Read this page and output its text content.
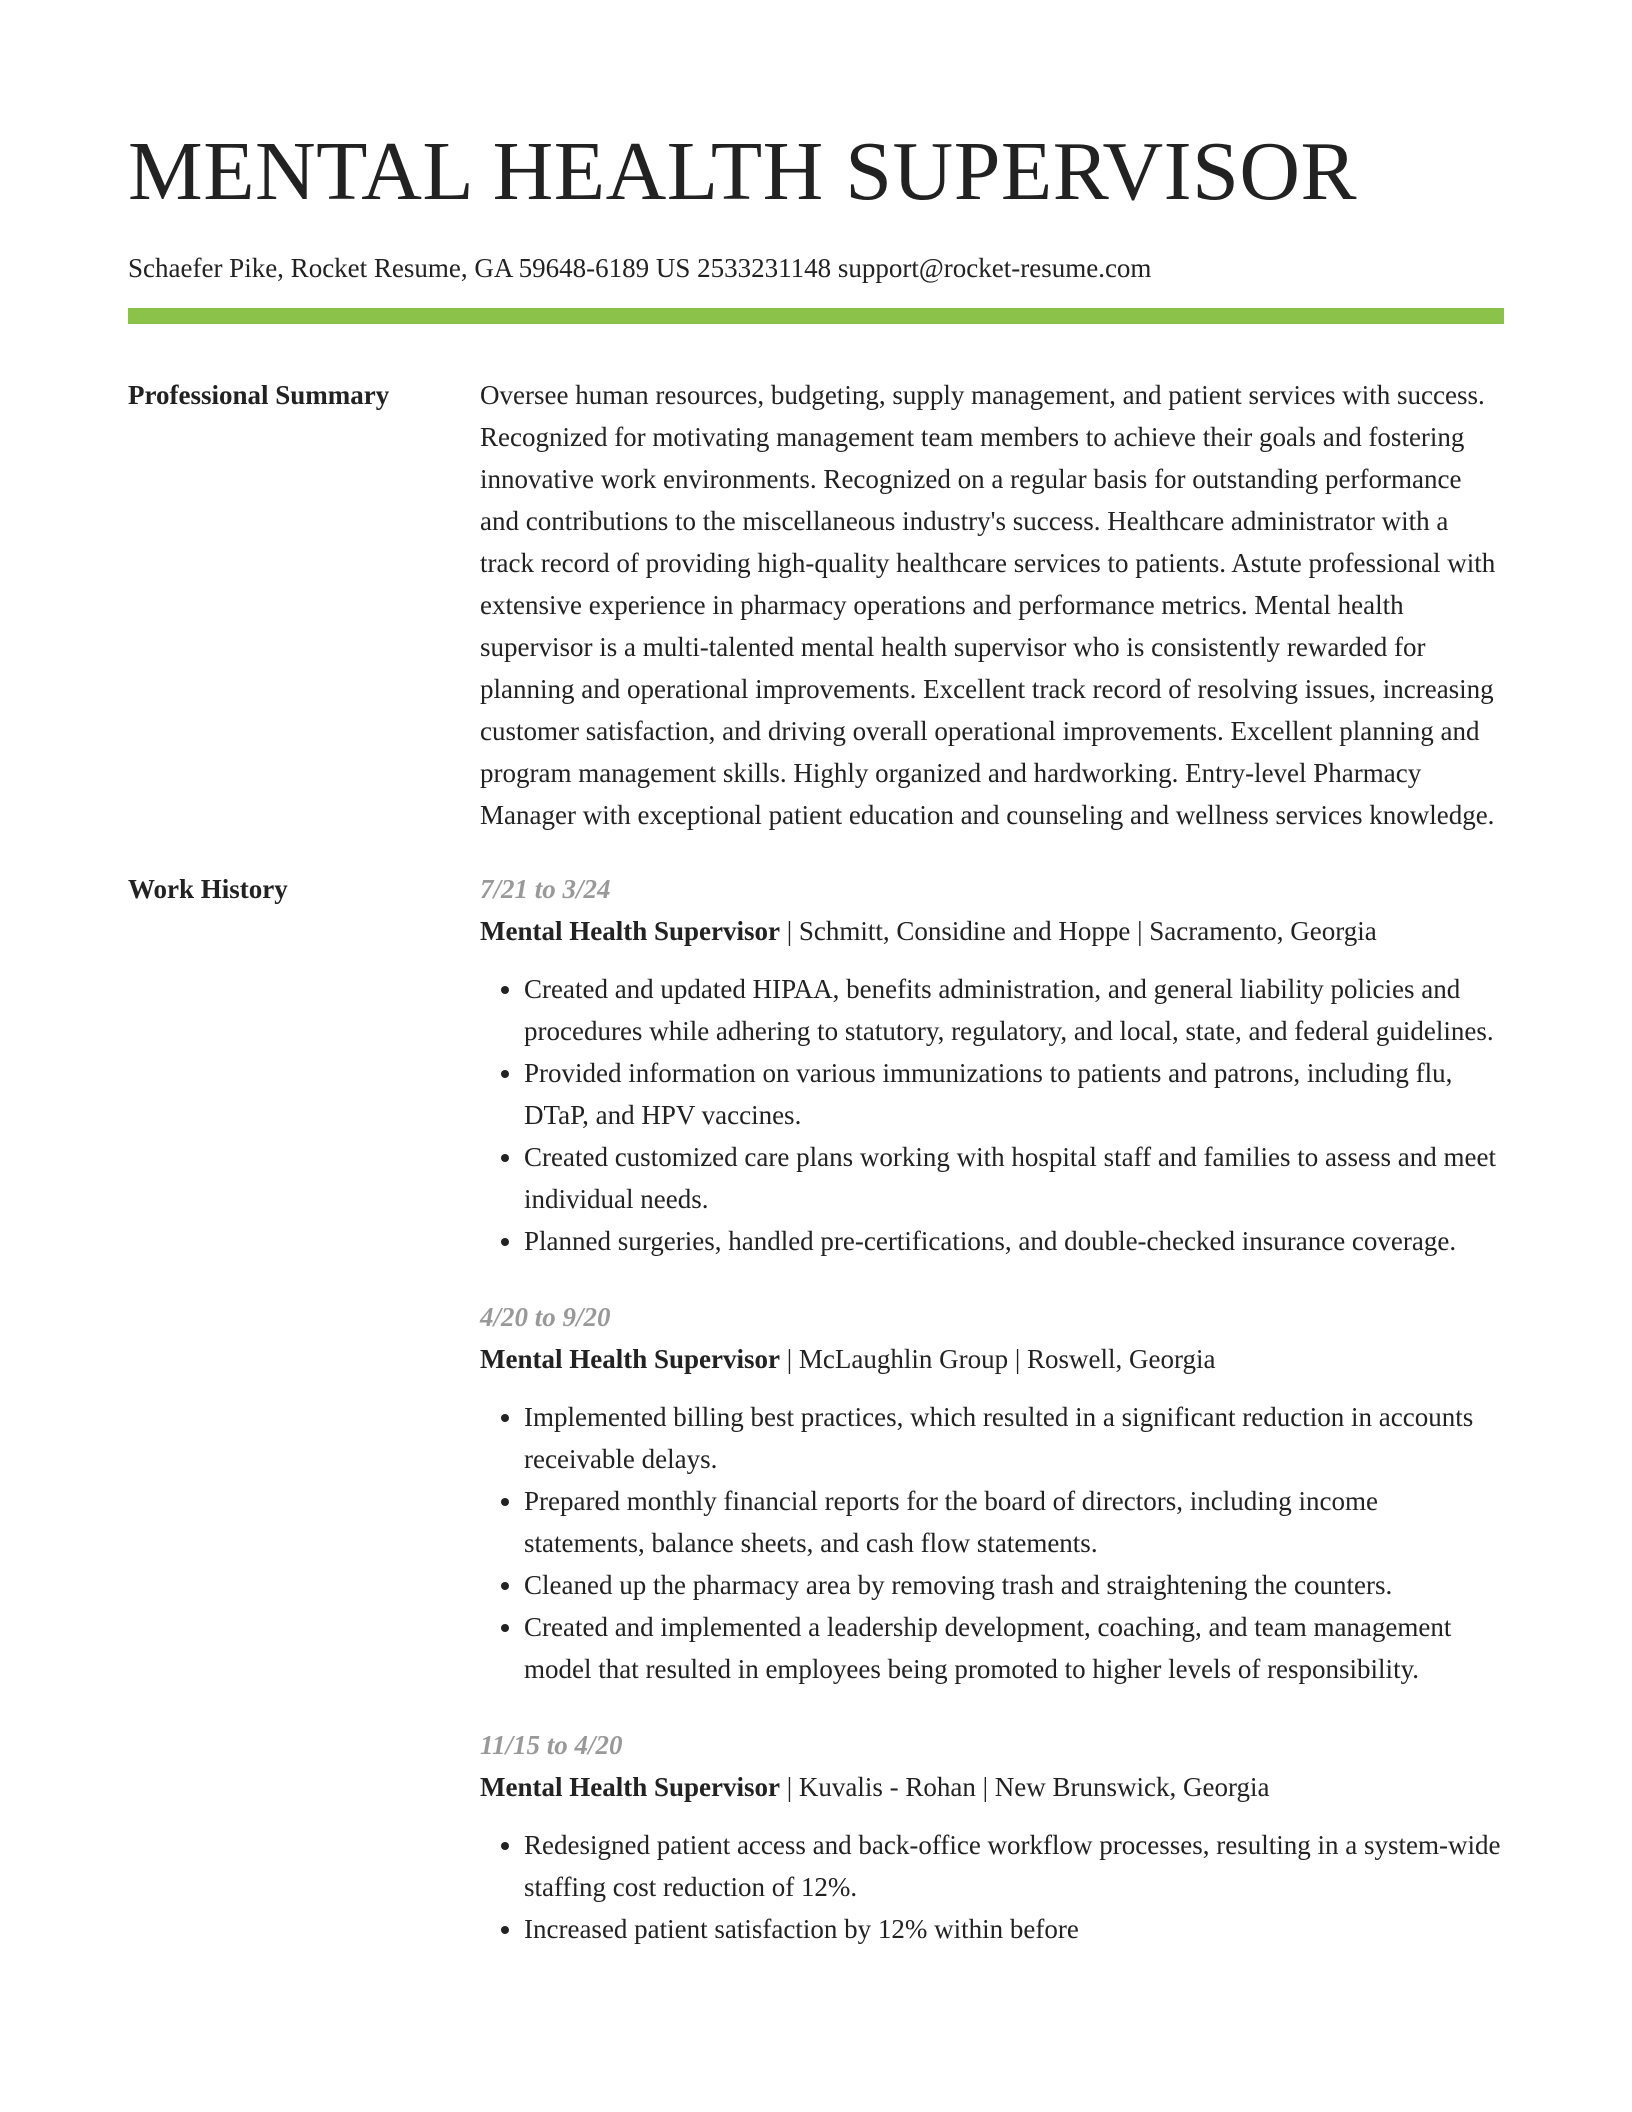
MENTAL HEALTH SUPERVISOR
Schaefer Pike, Rocket Resume, GA 59648-6189 US 2533231148 support@rocket-resume.com
Professional Summary	Oversee human resources, budgeting, supply management, and patient services with success. Recognized for motivating management team members to achieve their goals and fostering innovative work environments. Recognized on a regular basis for outstanding performance and contributions to the miscellaneous industry's success. Healthcare administrator with a track record of providing high-quality healthcare services to patients. Astute professional with extensive experience in pharmacy operations and performance metrics. Mental health supervisor is a multi-talented mental health supervisor who is consistently rewarded for planning and operational improvements. Excellent track record of resolving issues, increasing customer satisfaction, and driving overall operational improvements. Excellent planning and program management skills. Highly organized and hardworking. Entry-level Pharmacy Manager with exceptional patient education and counseling and wellness services knowledge.
Work History	7/21 to 3/24
Mental Health Supervisor | Schmitt, Considine and Hoppe | Sacramento, Georgia
• Created and updated HIPAA, benefits administration, and general liability policies and procedures while adhering to statutory, regulatory, and local, state, and federal guidelines.
• Provided information on various immunizations to patients and patrons, including flu, DTaP, and HPV vaccines.
• Created customized care plans working with hospital staff and families to assess and meet individual needs.
• Planned surgeries, handled pre-certifications, and double-checked insurance coverage.
4/20 to 9/20
Mental Health Supervisor | McLaughlin Group | Roswell, Georgia
• Implemented billing best practices, which resulted in a significant reduction in accounts receivable delays.
• Prepared monthly financial reports for the board of directors, including income statements, balance sheets, and cash flow statements.
• Cleaned up the pharmacy area by removing trash and straightening the counters.
• Created and implemented a leadership development, coaching, and team management model that resulted in employees being promoted to higher levels of responsibility.
11/15 to 4/20
Mental Health Supervisor | Kuvalis - Rohan | New Brunswick, Georgia
• Redesigned patient access and back-office workflow processes, resulting in a system-wide staffing cost reduction of 12%.
• Increased patient satisfaction by 12% within before
